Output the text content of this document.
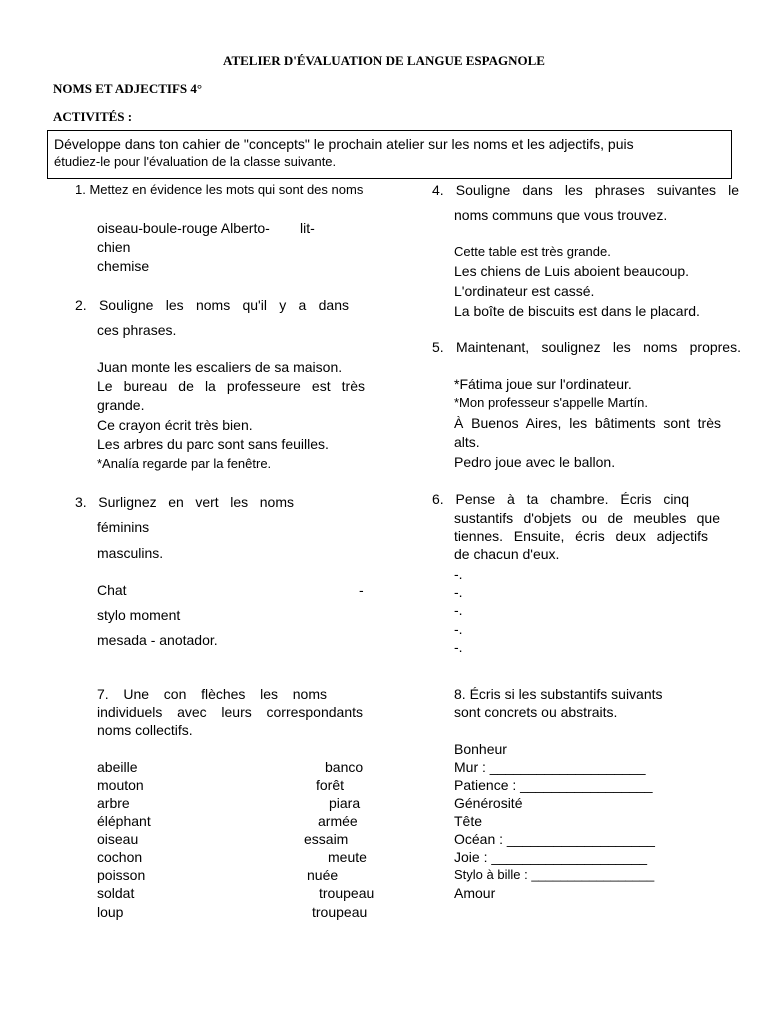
ATELIER D'ÉVALUATION DE LANGUE ESPAGNOLE
NOMS ET ADJECTIFS 4°
ACTIVITÉS :
Développe dans ton cahier de "concepts" le prochain atelier sur les noms et les adjectifs, puis
étudiez-le pour l'évaluation de la classe suivante.
1. Mettez en évidence les mots qui sont des noms
oiseau-boule-rouge Alberto- lit-
chien
chemise
2. Souligne les noms qu'il y a dans
ces phrases.
Juan monte les escaliers de sa maison.
Le bureau de la professeure est très
grande.
Ce crayon écrit très bien.
Les arbres du parc sont sans feuilles.
*Analía regarde par la fenêtre.
3. Surlignez en vert les noms
féminins
masculins.
Chat	-
stylo moment
mesada - anotador.
7. Une con flèches les noms
individuels avec leurs correspondants
noms collectifs.
abeille
mouton
arbre
éléphant
oiseau
cochon
poisson
soldat
loup
banco
forêt
piara
armée
essaim
meute
nuée
troupeau
troupeau
4. Souligne dans les phrases suivantes le
noms communs que vous trouvez.
Cette table est très grande.
Les chiens de Luis aboient beaucoup.
L'ordinateur est cassé.
La boîte de biscuits est dans le placard.
5. Maintenant, soulignez les noms propres.
*Fátima joue sur l'ordinateur.
*Mon professeur s'appelle Martín.
À Buenos Aires, les bâtiments sont très
alts.
Pedro joue avec le ballon.
6. Pense à ta chambre. Écris cinq
sustantifs d'objets ou de meubles que
tiennes. Ensuite, écris deux adjectifs
de chacun d'eux.
-.
-.
-.
-.
-.
8. Écris si les substantifs suivants
sont concrets ou abstraits.
Bonheur
Mur : ____________________
Patience : _________________
Générosité
Tête
Océan : ___________________
Joie : ____________________
Stylo à bille : _________________
Amour
